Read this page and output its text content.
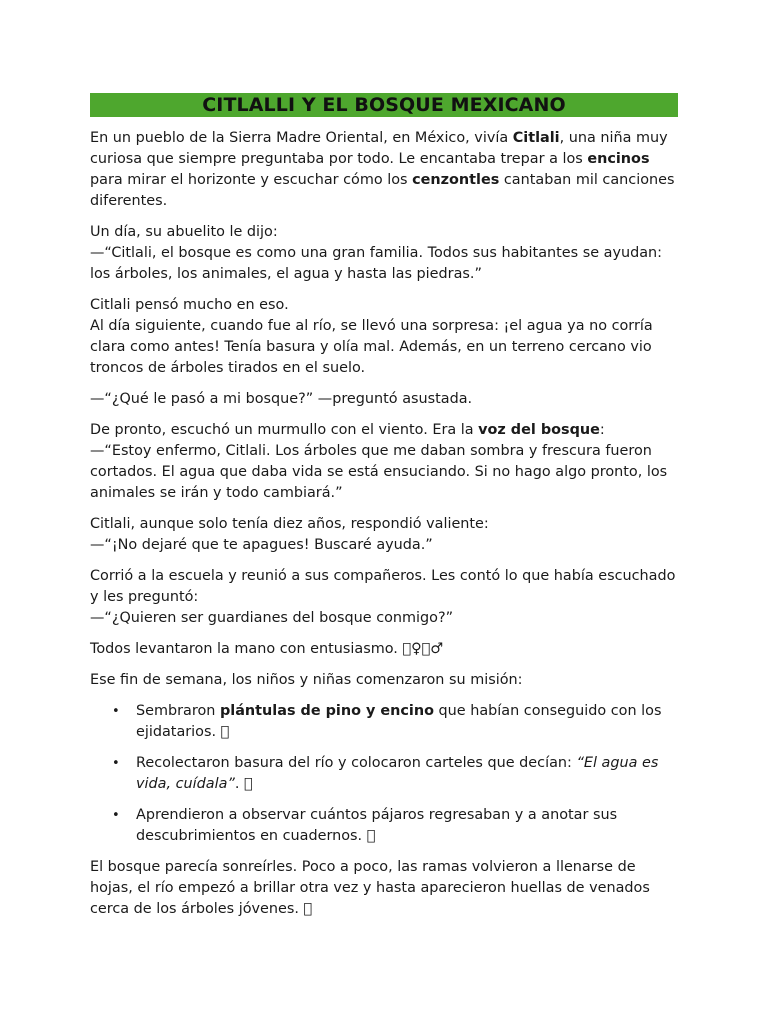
CITLALLI Y EL BOSQUE MEXICANO

En un pueblo de la Sierra Madre Oriental, en México, vivía Citlali, una niña muy curiosa que siempre preguntaba por todo. Le encantaba trepar a los encinos para mirar el horizonte y escuchar cómo los cenzontles cantaban mil canciones diferentes.

Un día, su abuelito le dijo:
—“Citlali, el bosque es como una gran familia. Todos sus habitantes se ayudan: los árboles, los animales, el agua y hasta las piedras.”

Citlali pensó mucho en eso.
Al día siguiente, cuando fue al río, se llevó una sorpresa: ¡el agua ya no corría clara como antes! Tenía basura y olía mal. Además, en un terreno cercano vio troncos de árboles tirados en el suelo.

—“¿Qué le pasó a mi bosque?” —preguntó asustada.

De pronto, escuchó un murmullo con el viento. Era la voz del bosque:
—“Estoy enfermo, Citlali. Los árboles que me daban sombra y frescura fueron cortados. El agua que daba vida se está ensuciando. Si no hago algo pronto, los animales se irán y todo cambiará.”

Citlali, aunque solo tenía diez años, respondió valiente:
—“¡No dejaré que te apagues! Buscaré ayuda.”

Corrió a la escuela y reunió a sus compañeros. Les contó lo que había escuchado y les preguntó:
—“¿Quieren ser guardianes del bosque conmigo?”

Todos levantaron la mano con entusiasmo. 􏰀♀􏰀♂

Ese fin de semana, los niños y niñas comenzaron su misión:

• Sembraron plántulas de pino y encino que habían conseguido con los ejidatarios. 􏰀
• Recolectaron basura del río y colocaron carteles que decían: “El agua es vida, cuídala”. 􏰀
• Aprendieron a observar cuántos pájaros regresaban y a anotar sus descubrimientos en cuadernos. 􏰀

El bosque parecía sonreírles. Poco a poco, las ramas volvieron a llenarse de hojas, el río empezó a brillar otra vez y hasta aparecieron huellas de venados cerca de los árboles jóvenes. 􏰀
